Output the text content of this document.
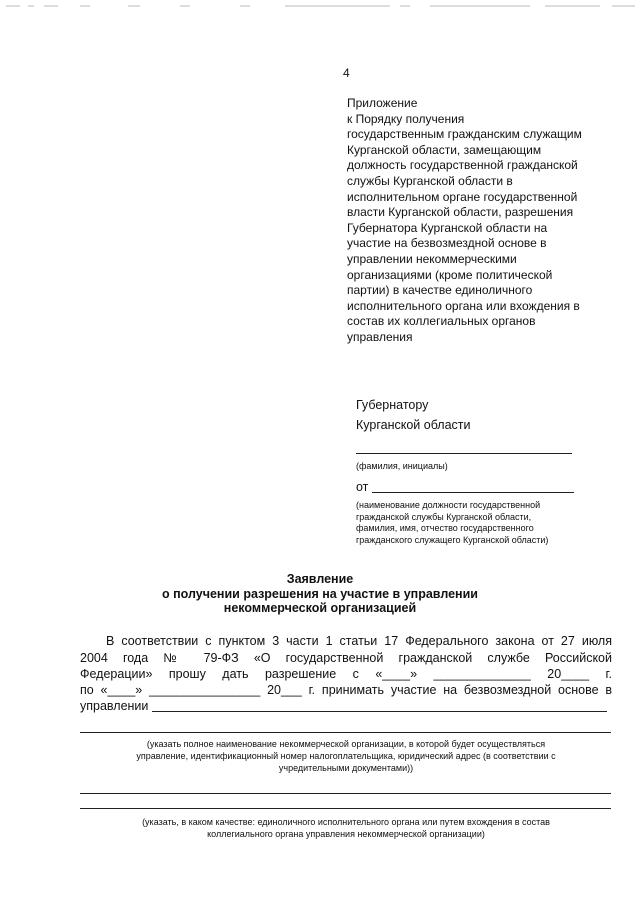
4
Приложение
к Порядку получения
государственным гражданским служащим
Курганской области, замещающим
должность государственной гражданской
службы Курганской области в
исполнительном органе государственной
власти Курганской области, разрешения
Губернатора Курганской области на
участие на безвозмездной основе в
управлении некоммерческими
организациями (кроме политической
партии) в качестве единоличного
исполнительного органа или вхождения в
состав их коллегиальных органов
управления
Губернатору
Курганской области
(фамилия, инициалы)
от
(наименование должности государственной
гражданской службы Курганской области,
фамилия, имя, отчество государственного
гражданского служащего Курганской области)
Заявление
о получении разрешения на участие в управлении
некоммерческой организацией
В соответствии с пунктом 3 части 1 статьи 17 Федерального закона от 27 июля
2004 года № 79-ФЗ «О государственной гражданской службе Российской
Федерации» прошу дать разрешение с «____» ______________ 20____ г.
по «____» ________________ 20___ г. принимать участие на безвозмездной основе в
управлении
(указать полное наименование некоммерческой организации, в которой будет осуществляться
управление, идентификационный номер налогоплательщика, юридический адрес (в соответствии с
учредительными документами))
(указать, в каком качестве: единоличного исполнительного органа или путем вхождения в состав
коллегиального органа управления некоммерческой организации)
